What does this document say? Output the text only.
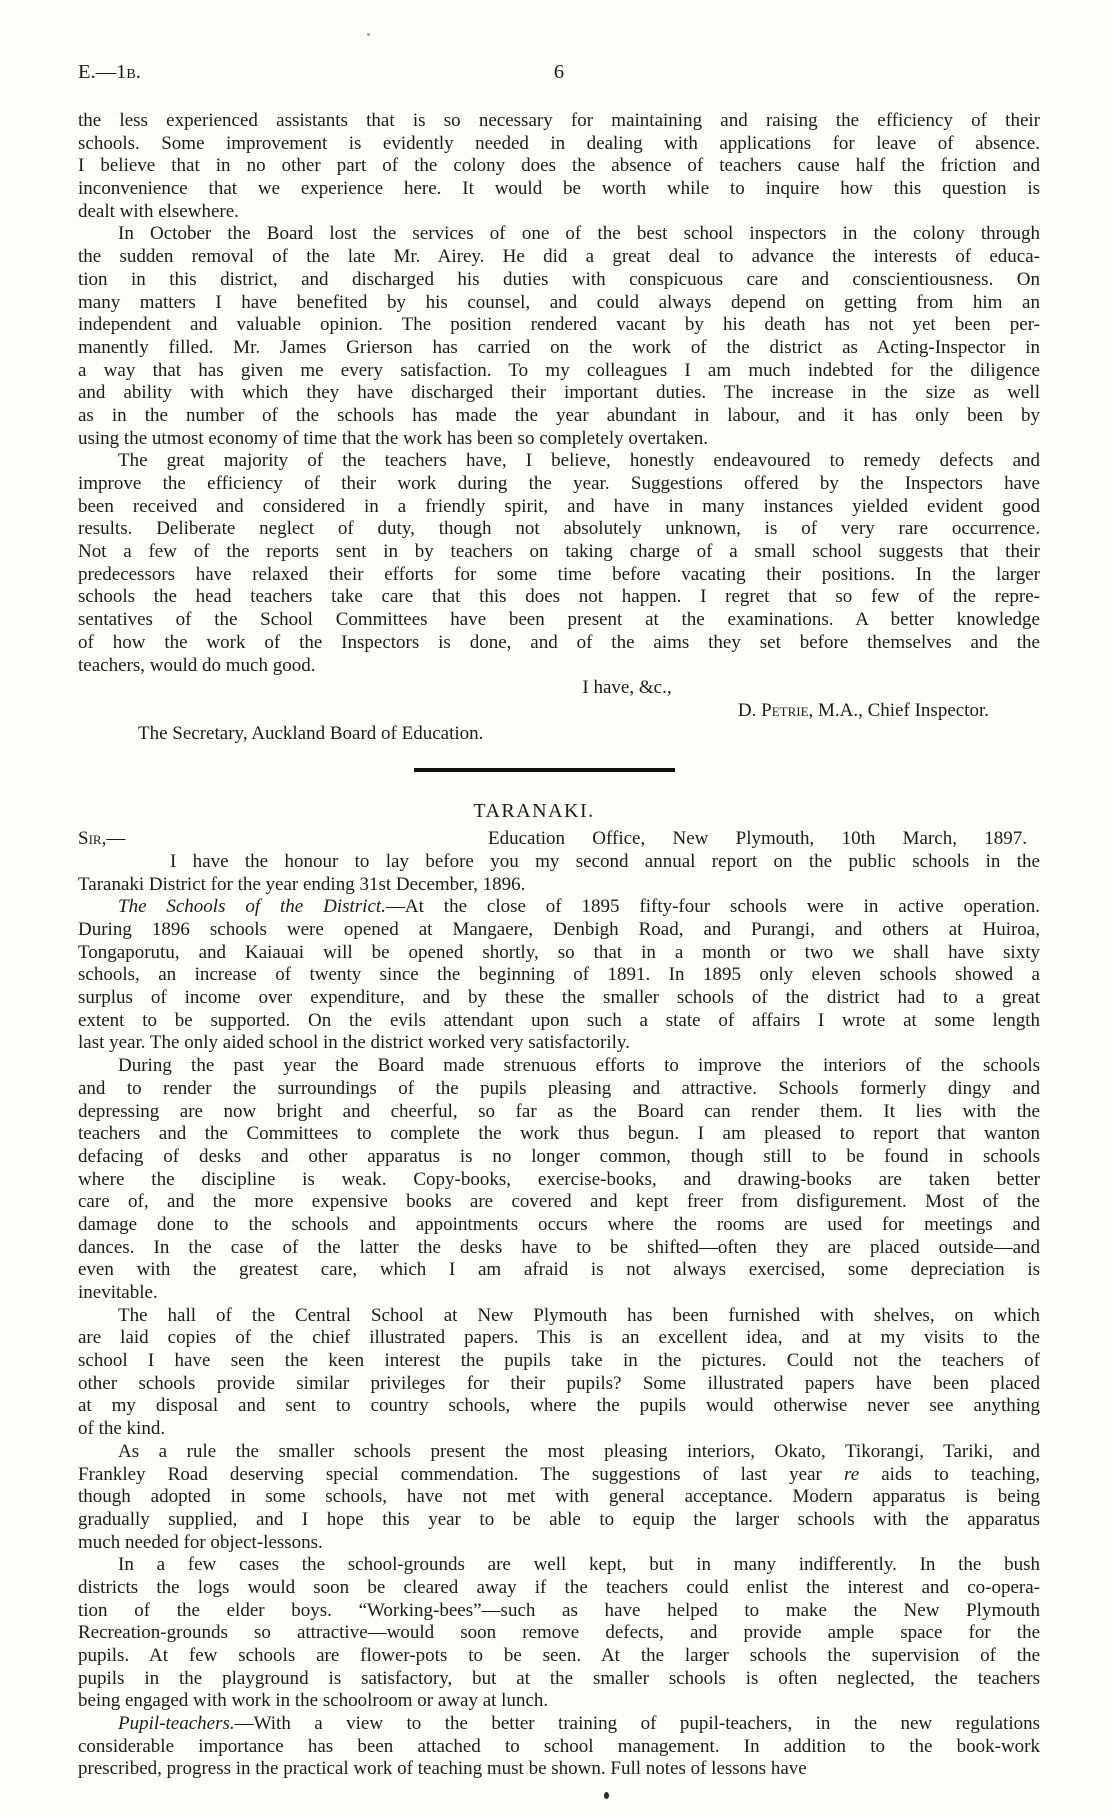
E.—1b.	6
the less experienced assistants that is so necessary for maintaining and raising the efficiency of their
schools. Some improvement is evidently needed in dealing with applications for leave of absence.
I believe that in no other part of the colony does the absence of teachers cause half the friction and
inconvenience that we experience here. It would be worth while to inquire how this question is
dealt with elsewhere.
In October the Board lost the services of one of the best school inspectors in the colony through
the sudden removal of the late Mr. Airey. He did a great deal to advance the interests of educa-
tion in this district, and discharged his duties with conspicuous care and conscientiousness. On
many matters I have benefited by his counsel, and could always depend on getting from him an
independent and valuable opinion. The position rendered vacant by his death has not yet been per-
manently filled. Mr. James Grierson has carried on the work of the district as Acting-Inspector in
a way that has given me every satisfaction. To my colleagues I am much indebted for the diligence
and ability with which they have discharged their important duties. The increase in the size as well
as in the number of the schools has made the year abundant in labour, and it has only been by
using the utmost economy of time that the work has been so completely overtaken.
The great majority of the teachers have, I believe, honestly endeavoured to remedy defects and
improve the efficiency of their work during the year. Suggestions offered by the Inspectors have
been received and considered in a friendly spirit, and have in many instances yielded evident good
results. Deliberate neglect of duty, though not absolutely unknown, is of very rare occurrence.
Not a few of the reports sent in by teachers on taking charge of a small school suggests that their
predecessors have relaxed their efforts for some time before vacating their positions. In the larger
schools the head teachers take care that this does not happen. I regret that so few of the repre-
sentatives of the School Committees have been present at the examinations. A better knowledge
of how the work of the Inspectors is done, and of the aims they set before themselves and the
teachers, would do much good.
I have, &c.,
D. Petrie, M.A., Chief Inspector.
The Secretary, Auckland Board of Education.
TARANAKI.
Sir,—	Education Office, New Plymouth, 10th March, 1897.
I have the honour to lay before you my second annual report on the public schools in the
Taranaki District for the year ending 31st December, 1896.
The Schools of the District.—At the close of 1895 fifty-four schools were in active operation.
During 1896 schools were opened at Mangaere, Denbigh Road, and Purangi, and others at Huiroa,
Tongaporutu, and Kaiauai will be opened shortly, so that in a month or two we shall have sixty
schools, an increase of twenty since the beginning of 1891. In 1895 only eleven schools showed a
surplus of income over expenditure, and by these the smaller schools of the district had to a great
extent to be supported. On the evils attendant upon such a state of affairs I wrote at some length
last year. The only aided school in the district worked very satisfactorily.
During the past year the Board made strenuous efforts to improve the interiors of the schools
and to render the surroundings of the pupils pleasing and attractive. Schools formerly dingy and
depressing are now bright and cheerful, so far as the Board can render them. It lies with the
teachers and the Committees to complete the work thus begun. I am pleased to report that wanton
defacing of desks and other apparatus is no longer common, though still to be found in schools
where the discipline is weak. Copy-books, exercise-books, and drawing-books are taken better
care of, and the more expensive books are covered and kept freer from disfigurement. Most of the
damage done to the schools and appointments occurs where the rooms are used for meetings and
dances. In the case of the latter the desks have to be shifted—often they are placed outside—and
even with the greatest care, which I am afraid is not always exercised, some depreciation is
inevitable.
The hall of the Central School at New Plymouth has been furnished with shelves, on which
are laid copies of the chief illustrated papers. This is an excellent idea, and at my visits to the
school I have seen the keen interest the pupils take in the pictures. Could not the teachers of
other schools provide similar privileges for their pupils? Some illustrated papers have been placed
at my disposal and sent to country schools, where the pupils would otherwise never see anything
of the kind.
As a rule the smaller schools present the most pleasing interiors, Okato, Tikorangi, Tariki, and
Frankley Road deserving special commendation. The suggestions of last year re aids to teaching,
though adopted in some schools, have not met with general acceptance. Modern apparatus is being
gradually supplied, and I hope this year to be able to equip the larger schools with the apparatus
much needed for object-lessons.
In a few cases the school-grounds are well kept, but in many indifferently. In the bush
districts the logs would soon be cleared away if the teachers could enlist the interest and co-opera-
tion of the elder boys. “Working-bees”—such as have helped to make the New Plymouth
Recreation-grounds so attractive—would soon remove defects, and provide ample space for the
pupils. At few schools are flower-pots to be seen. At the larger schools the supervision of the
pupils in the playground is satisfactory, but at the smaller schools is often neglected, the teachers
being engaged with work in the schoolroom or away at lunch.
Pupil-teachers.—With a view to the better training of pupil-teachers, in the new regulations
considerable importance has been attached to school management. In addition to the book-work
prescribed, progress in the practical work of teaching must be shown. Full notes of lessons have
